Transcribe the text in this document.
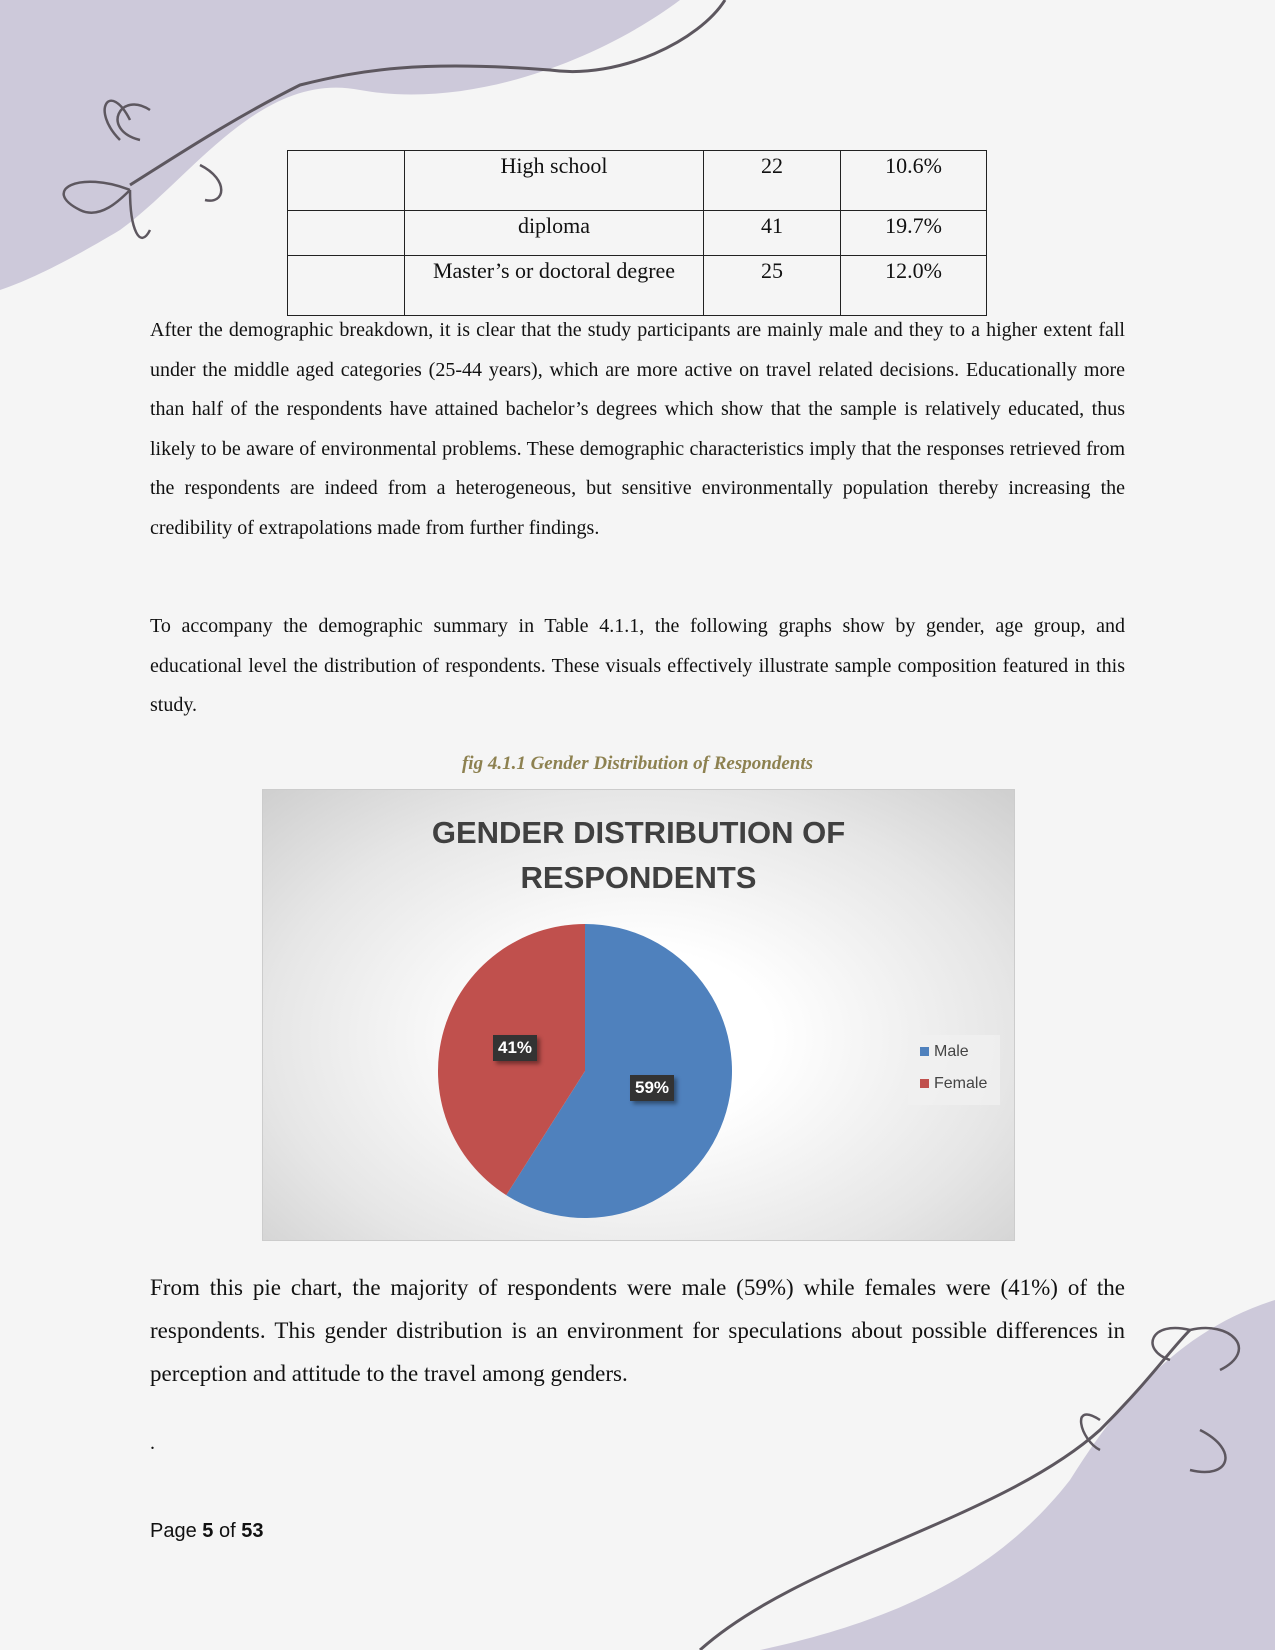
	High school	22	10.6%
	diploma	41	19.7%
	Master’s or doctoral degree	25	12.0%

After the demographic breakdown, it is clear that the study participants are mainly male and they to a higher extent fall under the middle aged categories (25-44 years), which are more active on travel related decisions. Educationally more than half of the respondents have attained bachelor’s degrees which show that the sample is relatively educated, thus likely to be aware of environmental problems. These demographic characteristics imply that the responses retrieved from the respondents are indeed from a heterogeneous, but sensitive environmentally population thereby increasing the credibility of extrapolations made from further findings.

To accompany the demographic summary in Table 4.1.1, the following graphs show by gender, age group, and educational level the distribution of respondents. These visuals effectively illustrate sample composition featured in this study.

fig 4.1.1 Gender Distribution of Respondents
GENDER DISTRIBUTION OF
RESPONDENTS
59%
41%	Male
Female

From this pie chart, the majority of respondents were male (59%) while females were (41%) of the respondents. This gender distribution is an environment for speculations about possible differences in perception and attitude to the travel among genders.

.

Page 5 of 53
